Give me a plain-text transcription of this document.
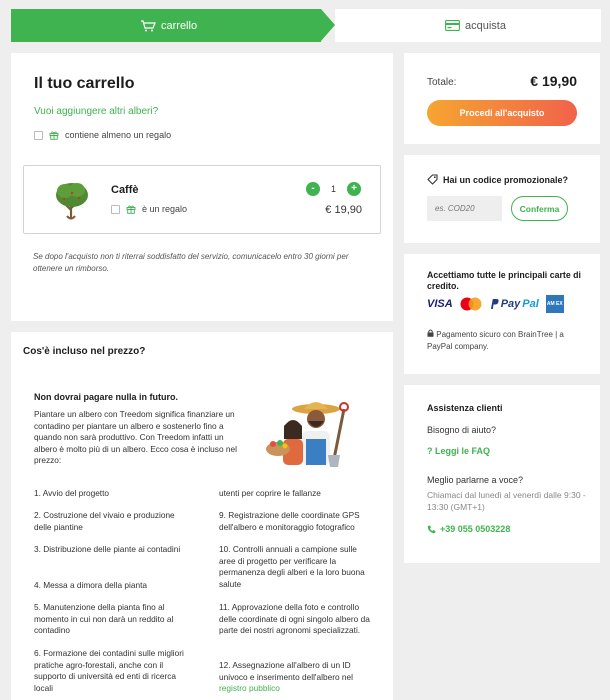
carrello	acquista
Il tuo carrello
Vuoi aggiungere altri alberi?
contiene almeno un regalo
Caffè
è un regalo
-	1	+
€ 19,90
Se dopo l'acquisto non ti riterrai soddisfatto del servizio, comunicacelo entro 30 giorni per ottenere un rimborso.
Cos'è incluso nel prezzo?
Non dovrai pagare nulla in futuro.
Piantare un albero con Treedom significa finanziare un contadino per piantare un albero e sostenerlo fino a quando non sarà produttivo. Con Treedom infatti un albero è molto più di un albero. Ecco cosa è incluso nel prezzo:
1. Avvio del progetto
2. Costruzione del vivaio e produzione delle piantine
3. Distribuzione delle piante ai contadini
4. Messa a dimora della pianta
5. Manutenzione della pianta fino al momento in cui non darà un reddito al contadino
6. Formazione dei contadini sulle migliori pratiche agro-forestali, anche con il supporto di università ed enti di ricerca locali
utenti per coprire le fallanze
9. Registrazione delle coordinate GPS dell'albero e monitoraggio fotografico
10. Controlli annuali a campione sulle aree di progetto per verificare la permanenza degli alberi e la loro buona salute
11. Approvazione della foto e controllo delle coordinate di ogni singolo albero da parte dei nostri agronomi specializzati.
12. Assegnazione all'albero di un ID univoco e inserimento dell'albero nel registro pubblico
Totale:	€ 19,90
Procedi all'acquisto
Hai un codice promozionale?
es. COD20
Conferma
Accettiamo tutte le principali carte di credito.
VISA	Pay Pal AM EX
Pagamento sicuro con BrainTree | a PayPal company.
Assistenza clienti
Bisogno di aiuto?
? Leggi le FAQ
Meglio parlarne a voce?
Chiamaci dal lunedì al venerdì dalle 9:30 - 13:30 (GMT+1)
+39 055 0503228
